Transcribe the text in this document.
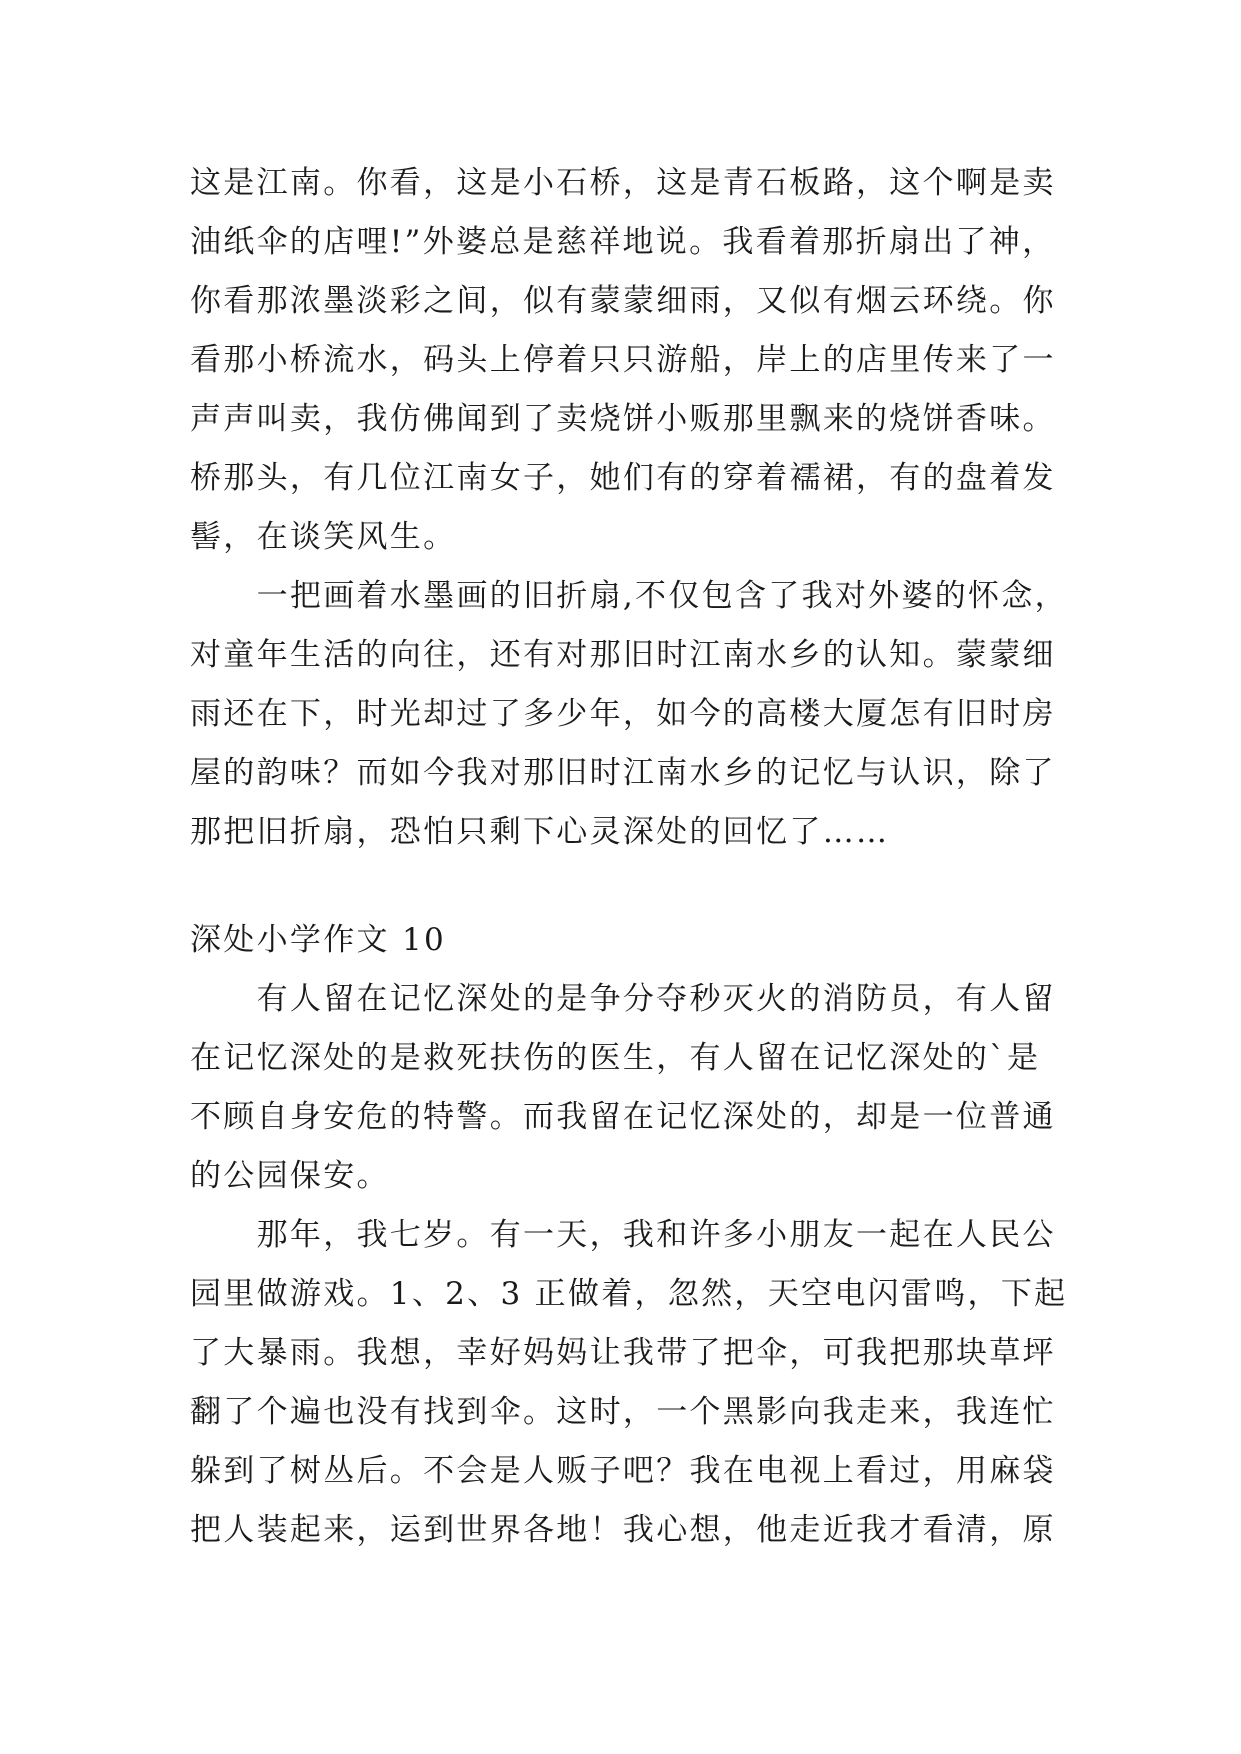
这是江南。你看，这是小石桥，这是青石板路，这个啊是卖
油纸伞的店哩!”外婆总是慈祥地说。我看着那折扇出了神，
你看那浓墨淡彩之间，似有蒙蒙细雨，又似有烟云环绕。你
看那小桥流水，码头上停着只只游船，岸上的店里传来了一
声声叫卖，我仿佛闻到了卖烧饼小贩那里飘来的烧饼香味。
桥那头，有几位江南女子，她们有的穿着襦裙，有的盘着发
髻，在谈笑风生。
　　一把画着水墨画的旧折扇,不仅包含了我对外婆的怀念，
对童年生活的向往，还有对那旧时江南水乡的认知。蒙蒙细
雨还在下，时光却过了多少年，如今的高楼大厦怎有旧时房
屋的韵味？而如今我对那旧时江南水乡的记忆与认识，除了
那把旧折扇，恐怕只剩下心灵深处的回忆了……
深处小学作文 10
　　有人留在记忆深处的是争分夺秒灭火的消防员，有人留
在记忆深处的是救死扶伤的医生，有人留在记忆深处的`是
不顾自身安危的特警。而我留在记忆深处的，却是一位普通
的公园保安。
　　那年，我七岁。有一天，我和许多小朋友一起在人民公
园里做游戏。1、2、3 正做着，忽然，天空电闪雷鸣，下起
了大暴雨。我想，幸好妈妈让我带了把伞，可我把那块草坪
翻了个遍也没有找到伞。这时，一个黑影向我走来，我连忙
躲到了树丛后。不会是人贩子吧？我在电视上看过，用麻袋
把人装起来，运到世界各地！我心想，他走近我才看清，原
